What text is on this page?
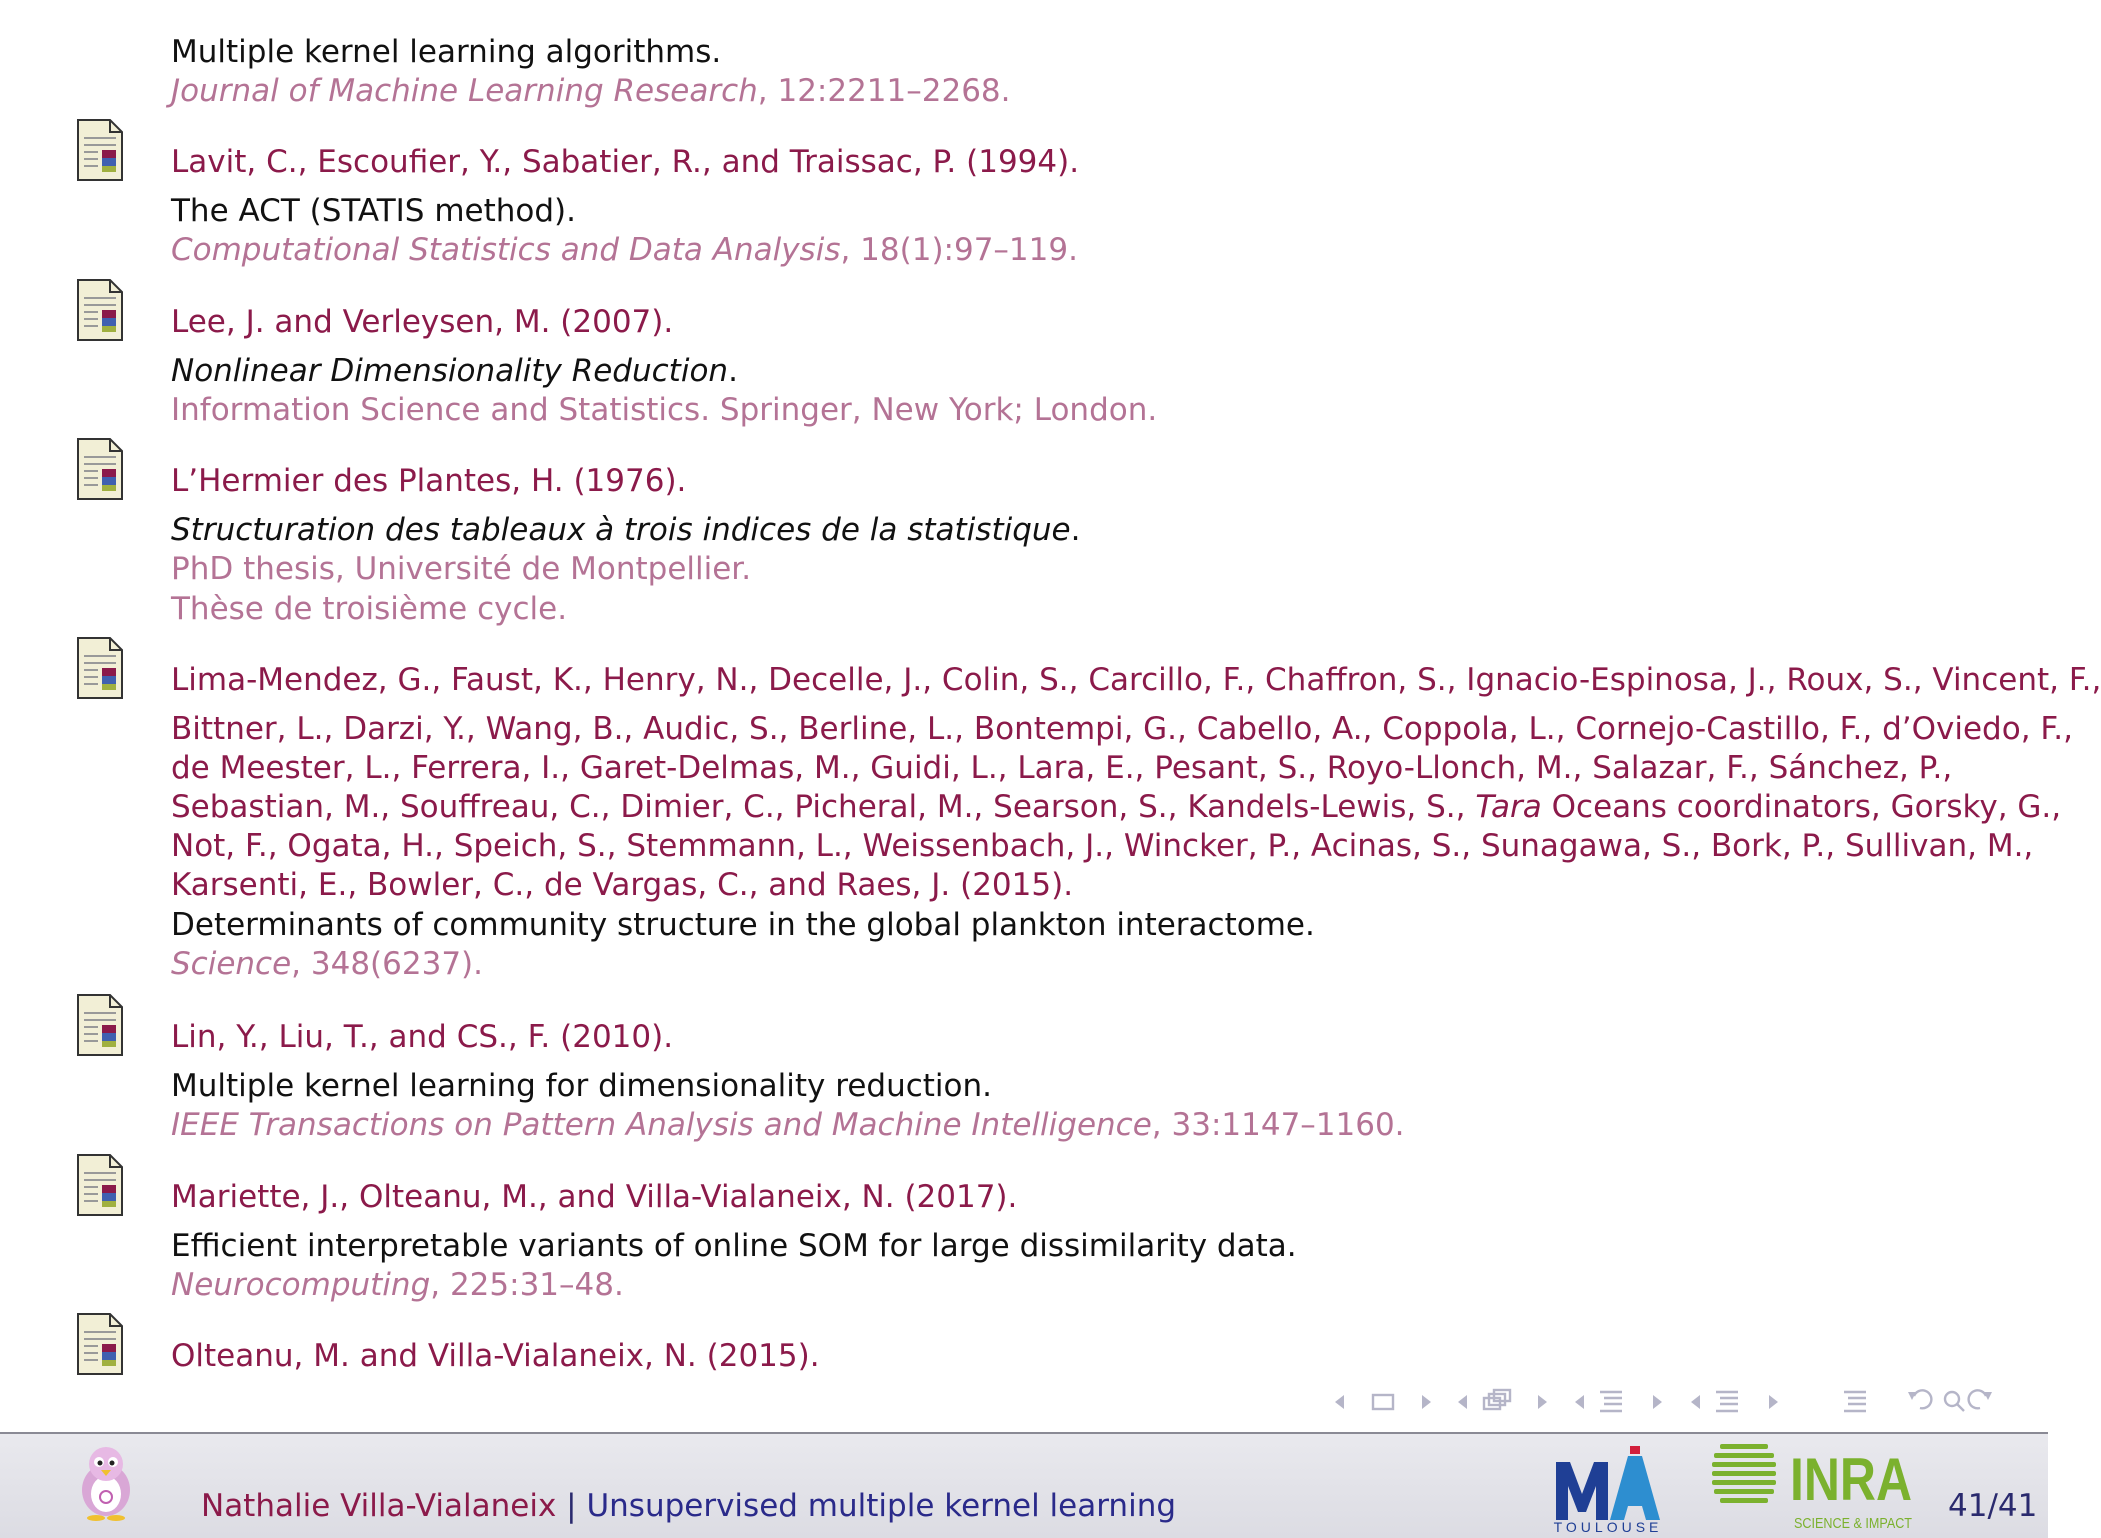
Multiple kernel learning algorithms.
Journal of Machine Learning Research, 12:2211–2268.
Lavit, C., Escoufier, Y., Sabatier, R., and Traissac, P. (1994).
The ACT (STATIS method).
Computational Statistics and Data Analysis, 18(1):97–119.
Lee, J. and Verleysen, M. (2007).
Nonlinear Dimensionality Reduction.
Information Science and Statistics. Springer, New York; London.
L’Hermier des Plantes, H. (1976).
Structuration des tableaux à trois indices de la statistique.
PhD thesis, Université de Montpellier.
Thèse de troisième cycle.
Lima-Mendez, G., Faust, K., Henry, N., Decelle, J., Colin, S., Carcillo, F., Chaffron, S., Ignacio-Espinosa, J., Roux, S., Vincent, F.,
Bittner, L., Darzi, Y., Wang, B., Audic, S., Berline, L., Bontempi, G., Cabello, A., Coppola, L., Cornejo-Castillo, F., d’Oviedo, F.,
de Meester, L., Ferrera, I., Garet-Delmas, M., Guidi, L., Lara, E., Pesant, S., Royo-Llonch, M., Salazar, F., Sánchez, P.,
Sebastian, M., Souffreau, C., Dimier, C., Picheral, M., Searson, S., Kandels-Lewis, S., Tara Oceans coordinators, Gorsky, G.,
Not, F., Ogata, H., Speich, S., Stemmann, L., Weissenbach, J., Wincker, P., Acinas, S., Sunagawa, S., Bork, P., Sullivan, M.,
Karsenti, E., Bowler, C., de Vargas, C., and Raes, J. (2015).
Determinants of community structure in the global plankton interactome.
Science, 348(6237).
Lin, Y., Liu, T., and CS., F. (2010).
Multiple kernel learning for dimensionality reduction.
IEEE Transactions on Pattern Analysis and Machine Intelligence, 33:1147–1160.
Mariette, J., Olteanu, M., and Villa-Vialaneix, N. (2017).
Efficient interpretable variants of online SOM for large dissimilarity data.
Neurocomputing, 225:31–48.
Olteanu, M. and Villa-Vialaneix, N. (2015).
Nathalie Villa-Vialaneix | Unsupervised multiple kernel learning
TOULOUSE
INRA
SCIENCE & IMPACT 41/41
